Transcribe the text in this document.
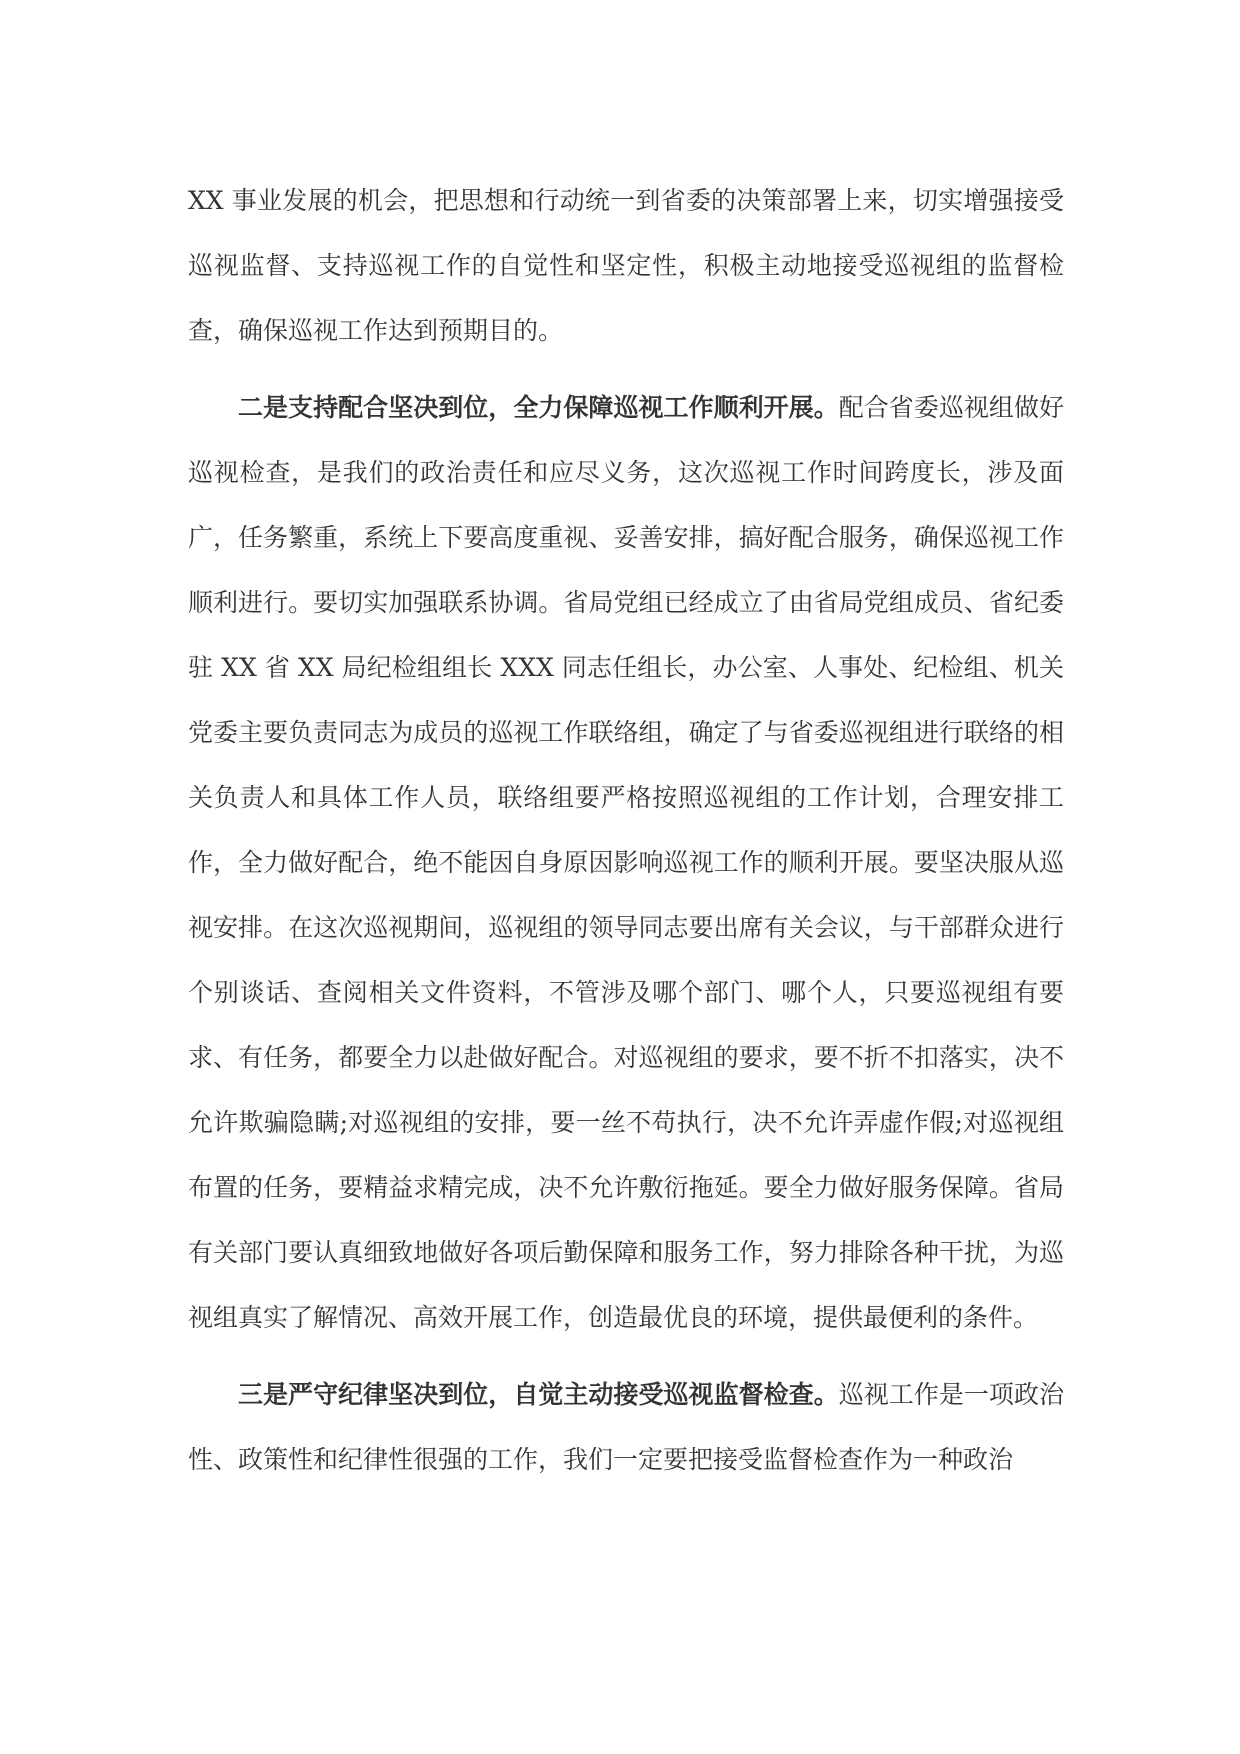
XX 事业发展的机会，把思想和行动统一到省委的决策部署上来，切实增强接受巡视监督、支持巡视工作的自觉性和坚定性，积极主动地接受巡视组的监督检查，确保巡视工作达到预期目的。

二是支持配合坚决到位，全力保障巡视工作顺利开展。配合省委巡视组做好巡视检查，是我们的政治责任和应尽义务，这次巡视工作时间跨度长，涉及面广，任务繁重，系统上下要高度重视、妥善安排，搞好配合服务，确保巡视工作顺利进行。要切实加强联系协调。省局党组已经成立了由省局党组成员、省纪委驻 XX 省 XX 局纪检组组长 XXX 同志任组长，办公室、人事处、纪检组、机关党委主要负责同志为成员的巡视工作联络组，确定了与省委巡视组进行联络的相关负责人和具体工作人员，联络组要严格按照巡视组的工作计划，合理安排工作，全力做好配合，绝不能因自身原因影响巡视工作的顺利开展。要坚决服从巡视安排。在这次巡视期间，巡视组的领导同志要出席有关会议，与干部群众进行个别谈话、查阅相关文件资料，不管涉及哪个部门、哪个人，只要巡视组有要求、有任务，都要全力以赴做好配合。对巡视组的要求，要不折不扣落实，决不允许欺骗隐瞒;对巡视组的安排，要一丝不苟执行，决不允许弄虚作假;对巡视组布置的任务，要精益求精完成，决不允许敷衍拖延。要全力做好服务保障。省局有关部门要认真细致地做好各项后勤保障和服务工作，努力排除各种干扰，为巡视组真实了解情况、高效开展工作，创造最优良的环境，提供最便利的条件。

三是严守纪律坚决到位，自觉主动接受巡视监督检查。巡视工作是一项政治性、政策性和纪律性很强的工作，我们一定要把接受监督检查作为一种政治
